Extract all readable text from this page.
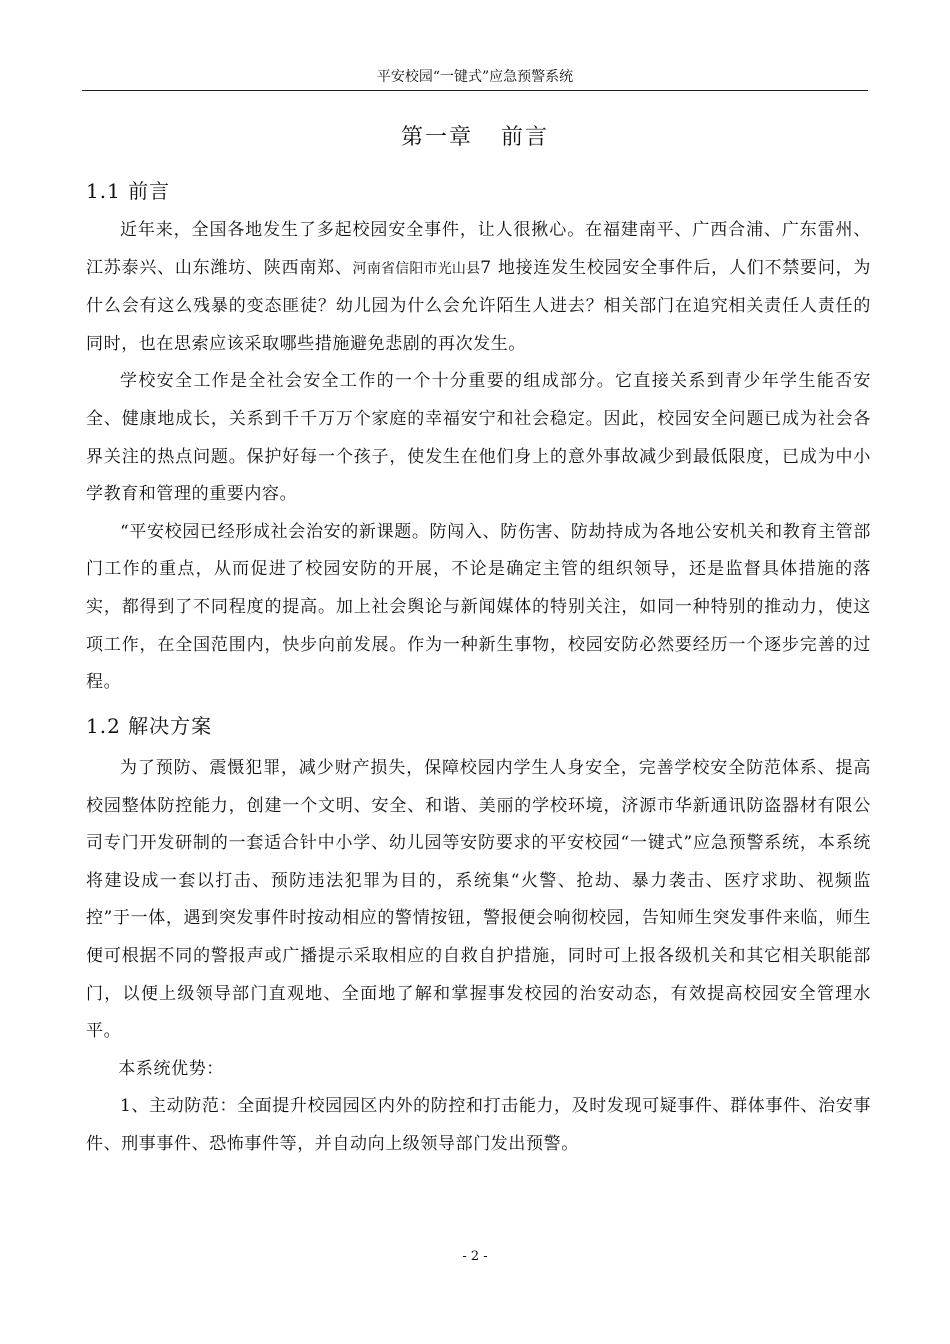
平安校园“一键式”应急预警系统
第一章 前言
1.1 前言

近年来，全国各地发生了多起校园安全事件，让人很揪心。在福建南平、广西合浦、广东雷州、江苏泰兴、山东潍坊、陕西南郑、河南省信阳市光山县7 地接连发生校园安全事件后，人们不禁要问，为什么会有这么残暴的变态匪徒？幼儿园为什么会允许陌生人进去？相关部门在追究相关责任人责任的同时，也在思索应该采取哪些措施避免悲剧的再次发生。

学校安全工作是全社会安全工作的一个十分重要的组成部分。它直接关系到青少年学生能否安全、健康地成长，关系到千千万万个家庭的幸福安宁和社会稳定。因此，校园安全问题已成为社会各界关注的热点问题。保护好每一个孩子，使发生在他们身上的意外事故减少到最低限度，已成为中小学教育和管理的重要内容。

“平安校园已经形成社会治安的新课题。防闯入、防伤害、防劫持成为各地公安机关和教育主管部门工作的重点，从而促进了校园安防的开展，不论是确定主管的组织领导，还是监督具体措施的落实，都得到了不同程度的提高。加上社会舆论与新闻媒体的特别关注，如同一种特别的推动力，使这项工作，在全国范围内，快步向前发展。作为一种新生事物，校园安防必然要经历一个逐步完善的过程。

1.2 解决方案

为了预防、震慑犯罪，减少财产损失，保障校园内学生人身安全，完善学校安全防范体系、提高校园整体防控能力，创建一个文明、安全、和谐、美丽的学校环境，济源市华新通讯防盗器材有限公司专门开发研制的一套适合针中小学、幼儿园等安防要求的平安校园“一键式”应急预警系统，本系统将建设成一套以打击、预防违法犯罪为目的，系统集“火警、抢劫、暴力袭击、医疗求助、视频监控”于一体，遇到突发事件时按动相应的警情按钮，警报便会响彻校园，告知师生突发事件来临，师生便可根据不同的警报声或广播提示采取相应的自救自护措施，同时可上报各级机关和其它相关职能部门，以便上级领导部门直观地、全面地了解和掌握事发校园的治安动态，有效提高校园安全管理水平。

本系统优势：

1、主动防范：全面提升校园园区内外的防控和打击能力，及时发现可疑事件、群体事件、治安事件、刑事事件、恐怖事件等，并自动向上级领导部门发出预警。

- 2 -
